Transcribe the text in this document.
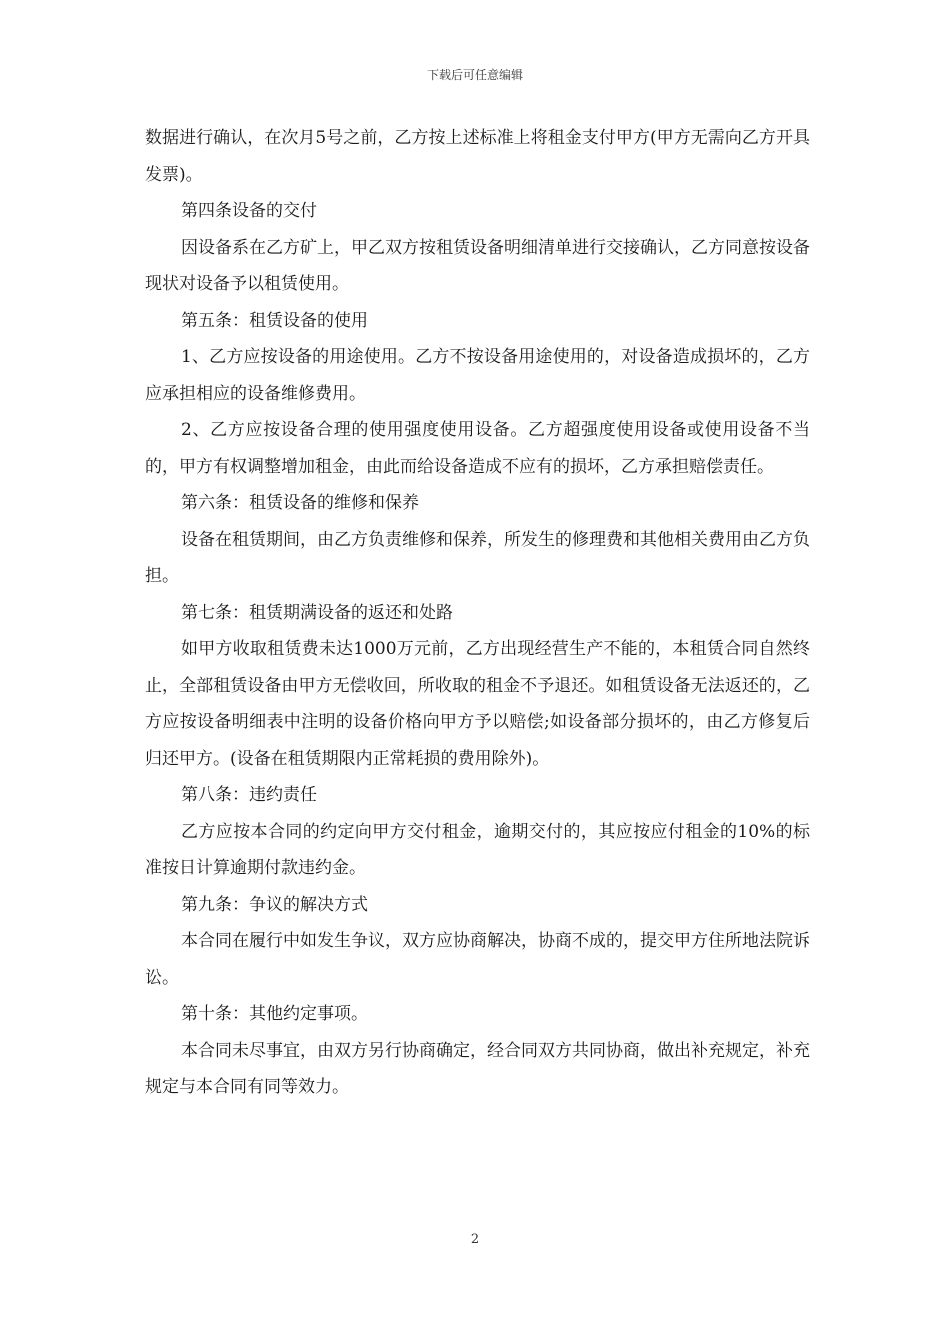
下载后可任意编辑

数据进行确认，在次月5号之前，乙方按上述标准上将租金支付甲方(甲方无需向乙方开具发票)。

第四条设备的交付

因设备系在乙方矿上，甲乙双方按租赁设备明细清单进行交接确认，乙方同意按设备现状对设备予以租赁使用。

第五条：租赁设备的使用

1、乙方应按设备的用途使用。乙方不按设备用途使用的，对设备造成损坏的，乙方应承担相应的设备维修费用。

2、乙方应按设备合理的使用强度使用设备。乙方超强度使用设备或使用设备不当的，甲方有权调整增加租金，由此而给设备造成不应有的损坏，乙方承担赔偿责任。

第六条：租赁设备的维修和保养

设备在租赁期间，由乙方负责维修和保养，所发生的修理费和其他相关费用由乙方负担。

第七条：租赁期满设备的返还和处路

如甲方收取租赁费未达1000万元前，乙方出现经营生产不能的，本租赁合同自然终止，全部租赁设备由甲方无偿收回，所收取的租金不予退还。如租赁设备无法返还的，乙方应按设备明细表中注明的设备价格向甲方予以赔偿;如设备部分损坏的，由乙方修复后归还甲方。(设备在租赁期限内正常耗损的费用除外)。

第八条：违约责任

乙方应按本合同的约定向甲方交付租金，逾期交付的，其应按应付租金的10%的标准按日计算逾期付款违约金。

第九条：争议的解决方式

本合同在履行中如发生争议，双方应协商解决，协商不成的，提交甲方住所地法院诉讼。

第十条：其他约定事项。

本合同未尽事宜，由双方另行协商确定，经合同双方共同协商，做出补充规定，补充规定与本合同有同等效力。

2
